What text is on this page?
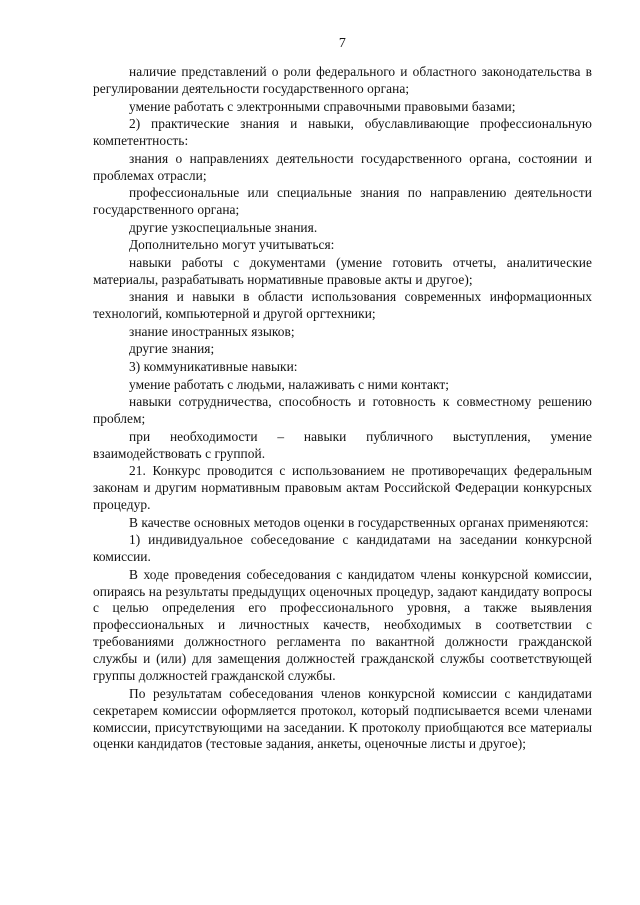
7

наличие представлений о роли федерального и областного законодательства в регулировании деятельности государственного органа;

умение работать с электронными справочными правовыми базами;

2) практические знания и навыки, обуславливающие профессиональную компетентность:

знания о направлениях деятельности государственного органа, состоянии и проблемах отрасли;

профессиональные или специальные знания по направлению деятельности государственного органа;

другие узкоспециальные знания.

Дополнительно могут учитываться:

навыки работы с документами (умение готовить отчеты, аналитические материалы, разрабатывать нормативные правовые акты и другое);

знания и навыки в области использования современных информационных технологий, компьютерной и другой оргтехники;

знание иностранных языков;

другие знания;

3) коммуникативные навыки:

умение работать с людьми, налаживать с ними контакт;

навыки сотрудничества, способность и готовность к совместному решению проблем;

при необходимости – навыки публичного выступления, умение взаимодействовать с группой.

21. Конкурс проводится с использованием не противоречащих федеральным законам и другим нормативным правовым актам Российской Федерации конкурсных процедур.

В качестве основных методов оценки в государственных органах применяются:

1) индивидуальное собеседование с кандидатами на заседании конкурсной комиссии.

В ходе проведения собеседования с кандидатом члены конкурсной комиссии, опираясь на результаты предыдущих оценочных процедур, задают кандидату вопросы с целью определения его профессионального уровня, а также выявления профессиональных и личностных качеств, необходимых в соответствии с требованиями должностного регламента по вакантной должности гражданской службы и (или) для замещения должностей гражданской службы соответствующей группы должностей гражданской службы.

По результатам собеседования членов конкурсной комиссии с кандидатами секретарем комиссии оформляется протокол, который подписывается всеми членами комиссии, присутствующими на заседании. К протоколу приобщаются все материалы оценки кандидатов (тестовые задания, анкеты, оценочные листы и другое);
